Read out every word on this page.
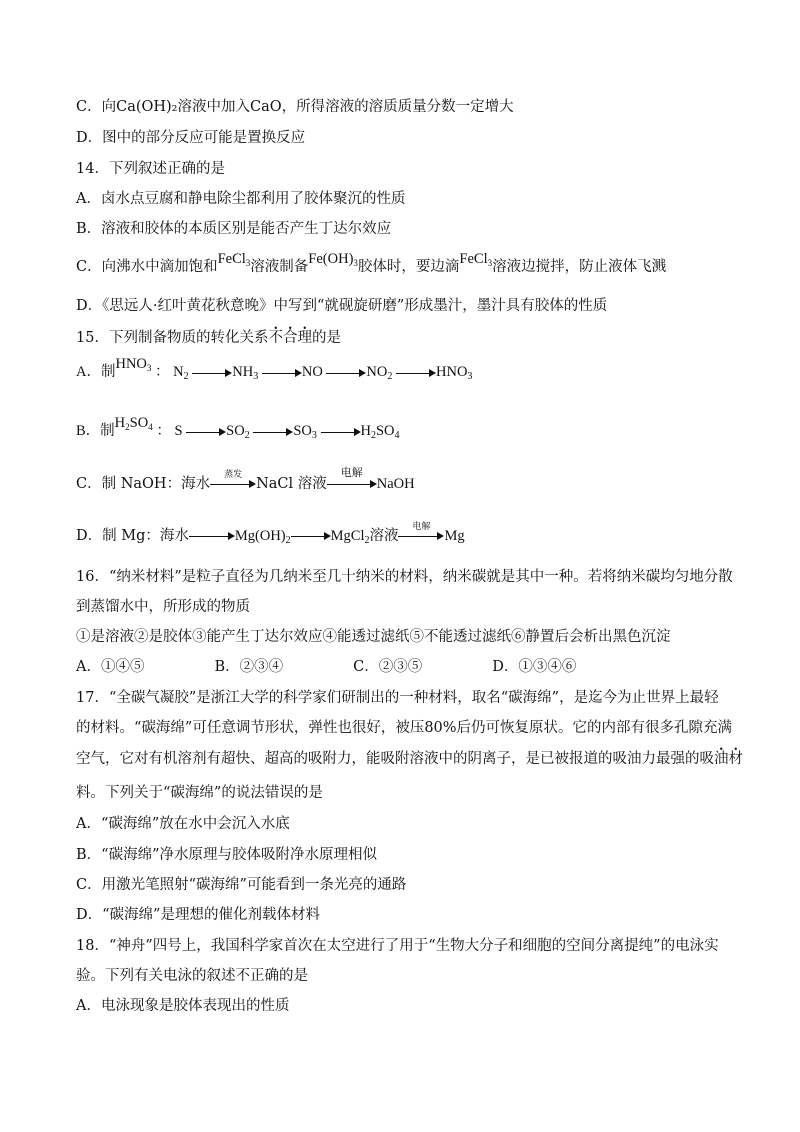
C．向Ca(OH)₂溶液中加入CaO，所得溶液的溶质质量分数一定增大
D．图中的部分反应可能是置换反应
14．下列叙述正确的是
A．卤水点豆腐和静电除尘都利用了胶体聚沉的性质
B．溶液和胶体的本质区别是能否产生丁达尔效应
C．向沸水中滴加饱和FeCl$_3$溶液制备$Fe(OH)_3$胶体时，要边滴FeCl$_3$溶液边搅拌，防止液体飞溅
D．《思远人·红叶黄花秋意晚》中写到“就砚旋研磨”形成墨汁，墨汁具有胶体的性质
15．下列制备物质的转化关系不合理的是
A．制$HNO_3$ ： $N_2$	$NH_3$	NO	$NO_2$	$HNO_3$
B．制$H_2SO_4$ ： S	$SO_2$	$SO_3$	$H_2SO_4$
C．制 NaOH：海水
蒸发
NaCl 溶液
电解
NaOH
D．制 Mg：海水	$Mg(OH)_2$	MgCl$_2$溶液
电解
Mg
16．“纳米材料”是粒子直径为几纳米至几十纳米的材料，纳米碳就是其中一种。若将纳米碳均匀地分散
到蒸馏水中，所形成的物质
①是溶液②是胶体③能产生丁达尔效应④能透过滤纸⑤不能透过滤纸⑥静置后会析出黑色沉淀
A．①④⑤	B．②③④	C．②③⑤	D．①③④⑥
17．“全碳气凝胶”是浙江大学的科学家们研制出的一种材料，取名“碳海绵”，是迄今为止世界上最轻
的材料。“碳海绵”可任意调节形状，弹性也很好，被压80%后仍可恢复原状。它的内部有很多孔隙充满
空气，它对有机溶剂有超快、超高的吸附力，能吸附溶液中的阴离子，是已被报道的吸油力最强的吸油材
料。下列关于“碳海绵”的说法错误的是
A．“碳海绵”放在水中会沉入水底
B．“碳海绵”净水原理与胶体吸附净水原理相似
C．用激光笔照射“碳海绵”可能看到一条光亮的通路
D．“碳海绵”是理想的催化剂载体材料
18．“神舟”四号上，我国科学家首次在太空进行了用于“生物大分子和细胞的空间分离提纯”的电泳实
验。下列有关电泳的叙述不正确的是
A．电泳现象是胶体表现出的性质
